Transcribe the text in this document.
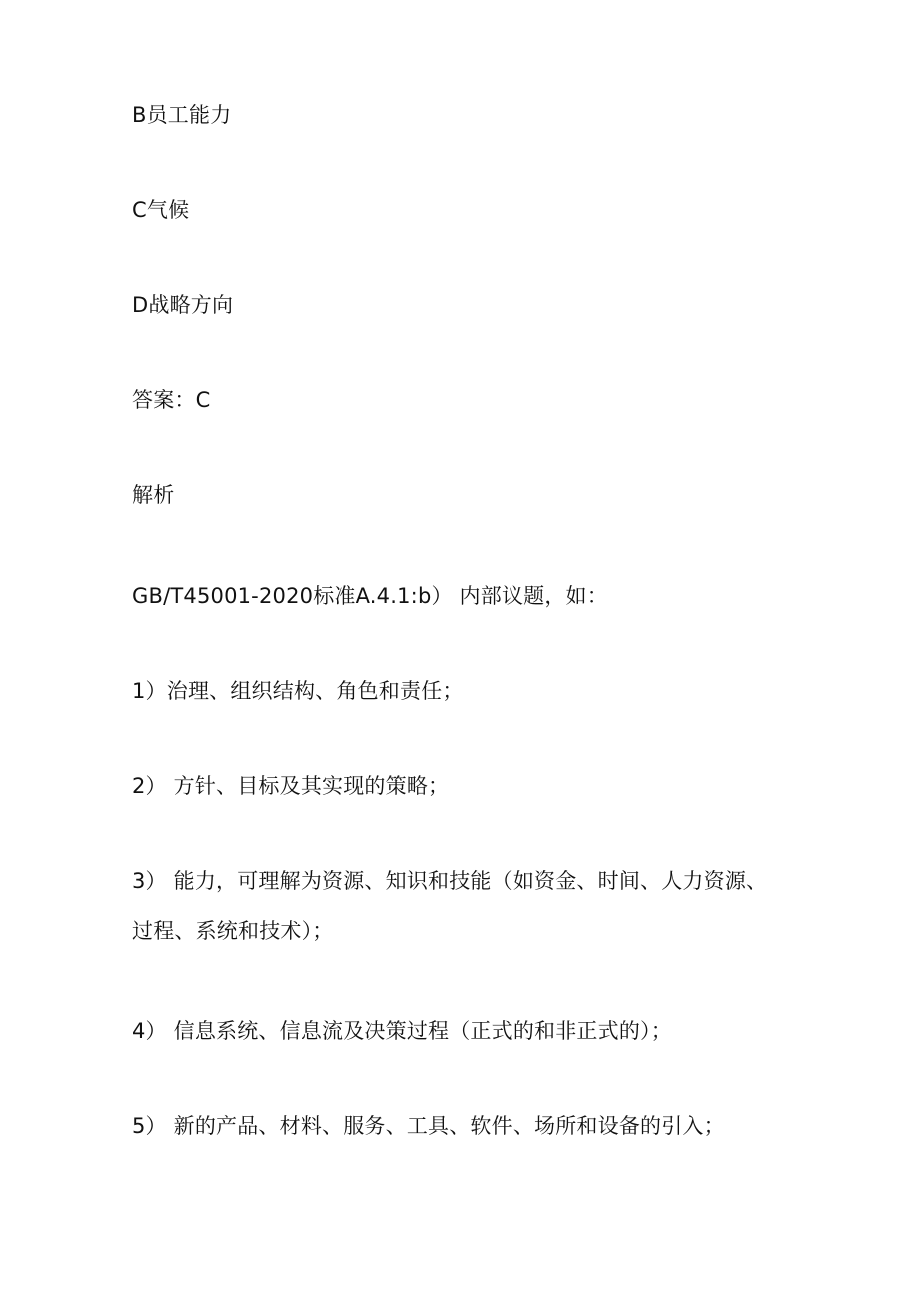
B员工能力
C气候
D战略方向
答案：C
解析
GB/T45001-2020标准A.4.1:b） 内部议题，如：
1）治理、组织结构、角色和责任；
2） 方针、目标及其实现的策略；
3） 能力，可理解为资源、知识和技能（如资金、时间、人力资源、
过程、系统和技术）；
4） 信息系统、信息流及决策过程（正式的和非正式的）；
5） 新的产品、材料、服务、工具、软件、场所和设备的引入；
